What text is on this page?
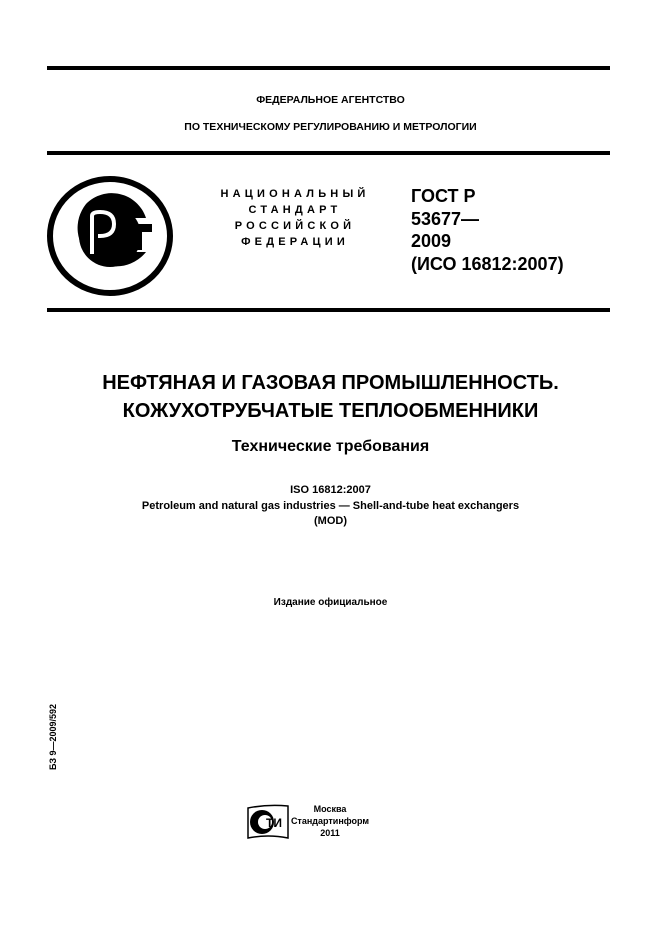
ФЕДЕРАЛЬНОЕ АГЕНТСТВО
ПО ТЕХНИЧЕСКОМУ РЕГУЛИРОВАНИЮ И МЕТРОЛОГИИ
НАЦИОНАЛЬНЫЙ
СТАНДАРТ
РОССИЙСКОЙ
ФЕДЕРАЦИИ
ГОСТ Р
53677—
2009
(ИСО 16812:2007)
НЕФТЯНАЯ И ГАЗОВАЯ ПРОМЫШЛЕННОСТЬ.
КОЖУХОТРУБЧАТЫЕ ТЕПЛООБМЕННИКИ
Технические требования
ISO 16812:2007
Petroleum and natural gas industries — Shell-and-tube heat exchangers
(MOD)
Издание официальное
БЗ 9—2009/592
ТИ
Москва
Стандартинформ
2011
